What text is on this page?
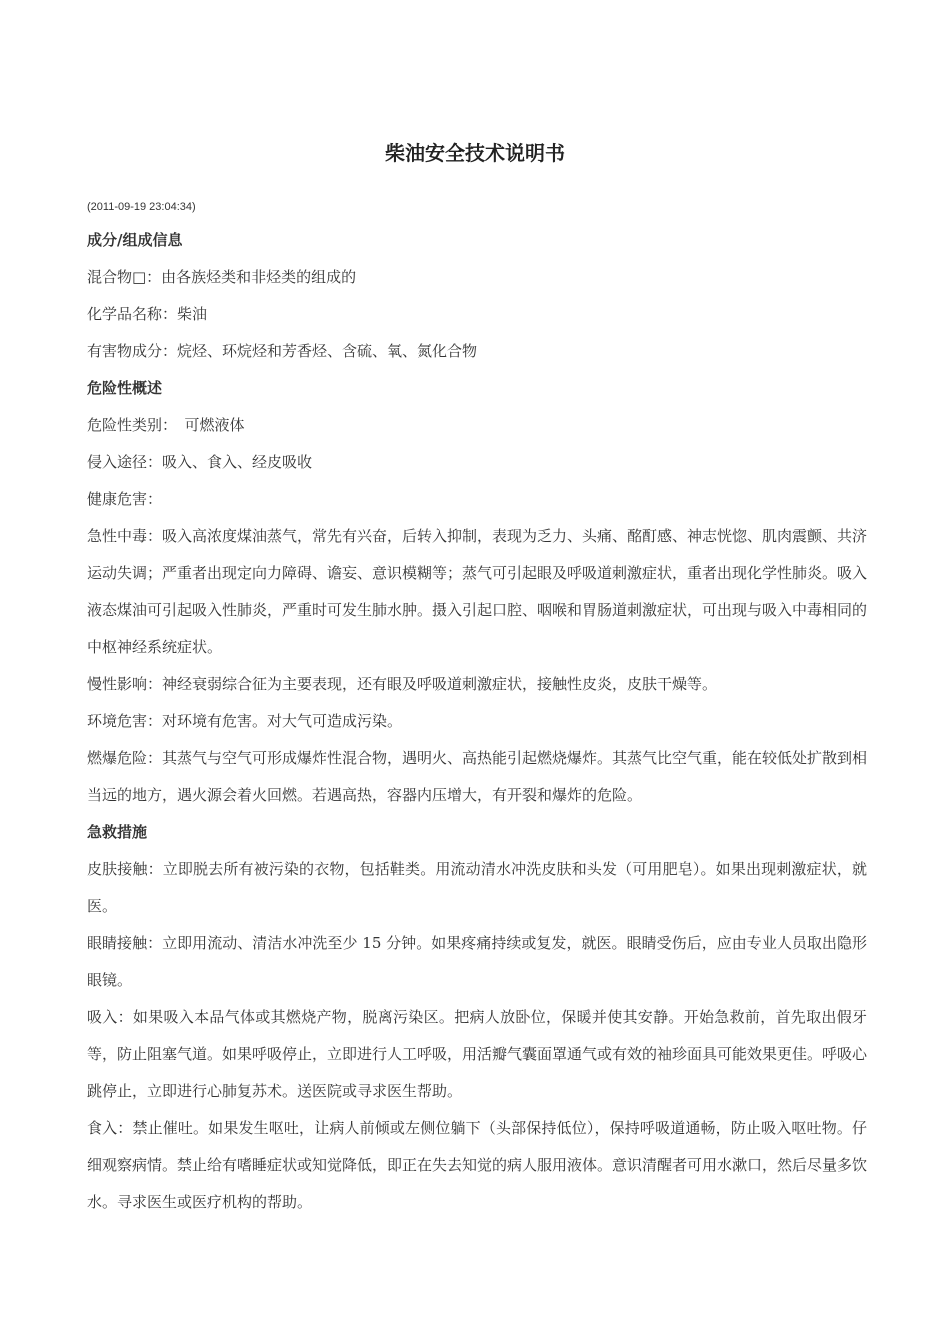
柴油安全技术说明书

(2011-09-19 23:04:34)

成分/组成信息

混合物□：由各族烃类和非烃类的组成的

化学品名称：柴油

有害物成分：烷烃、环烷烃和芳香烃、含硫、氧、氮化合物

危险性概述

危险性类别：　可燃液体

侵入途径：吸入、食入、经皮吸收

健康危害：

急性中毒：吸入高浓度煤油蒸气，常先有兴奋，后转入抑制，表现为乏力、头痛、酩酊感、神志恍惚、肌肉震颤、共济运动失调；严重者出现定向力障碍、谵妄、意识模糊等；蒸气可引起眼及呼吸道刺激症状，重者出现化学性肺炎。吸入液态煤油可引起吸入性肺炎，严重时可发生肺水肿。摄入引起口腔、咽喉和胃肠道刺激症状，可出现与吸入中毒相同的中枢神经系统症状。

慢性影响：神经衰弱综合征为主要表现，还有眼及呼吸道刺激症状，接触性皮炎，皮肤干燥等。

环境危害：对环境有危害。对大气可造成污染。

燃爆危险：其蒸气与空气可形成爆炸性混合物，遇明火、高热能引起燃烧爆炸。其蒸气比空气重，能在较低处扩散到相当远的地方，遇火源会着火回燃。若遇高热，容器内压增大，有开裂和爆炸的危险。

急救措施

皮肤接触：立即脱去所有被污染的衣物，包括鞋类。用流动清水冲洗皮肤和头发（可用肥皂）。如果出现刺激症状，就医。

眼睛接触：立即用流动、清洁水冲洗至少 15 分钟。如果疼痛持续或复发，就医。眼睛受伤后，应由专业人员取出隐形眼镜。

吸入：如果吸入本品气体或其燃烧产物，脱离污染区。把病人放卧位，保暖并使其安静。开始急救前，首先取出假牙等，防止阻塞气道。如果呼吸停止，立即进行人工呼吸，用活瓣气囊面罩通气或有效的袖珍面具可能效果更佳。呼吸心跳停止，立即进行心肺复苏术。送医院或寻求医生帮助。

食入：禁止催吐。如果发生呕吐，让病人前倾或左侧位躺下（头部保持低位），保持呼吸道通畅，防止吸入呕吐物。仔细观察病情。禁止给有嗜睡症状或知觉降低，即正在失去知觉的病人服用液体。意识清醒者可用水漱口，然后尽量多饮水。寻求医生或医疗机构的帮助。
